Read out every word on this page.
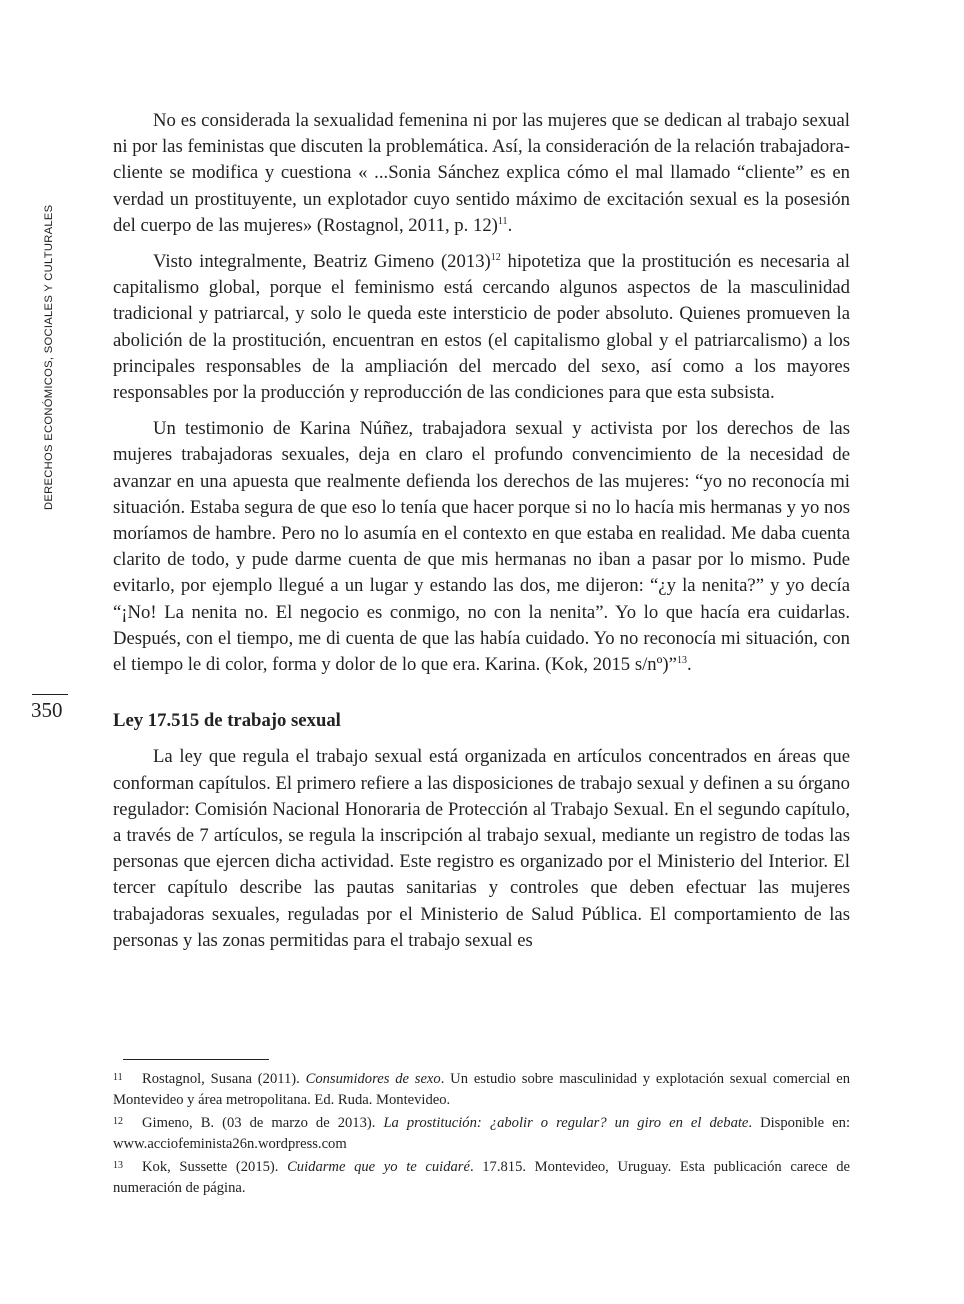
DERECHOS ECONÓMICOS, SOCIALES Y CULTURALES
350

No es considerada la sexualidad femenina ni por las mujeres que se dedican al trabajo sexual ni por las feministas que discuten la problemática. Así, la consideración de la relación trabajadora-cliente se modifica y cuestiona « ...Sonia Sánchez explica cómo el mal llamado “cliente” es en verdad un prostituyente, un explotador cuyo sentido máximo de excitación sexual es la posesión del cuerpo de las mujeres» (Rostagnol, 2011, p. 12)$^{11}$.

Visto integralmente, Beatriz Gimeno $(2013)^{12}$ hipotetiza que la prostitución es necesaria al capitalismo global, porque el feminismo está cercando algunos aspectos de la masculinidad tradicional y patriarcal, y solo le queda este intersticio de poder absoluto. Quienes promueven la abolición de la prostitución, encuentran en estos (el capitalismo global y el patriarcalismo) a los principales responsables de la ampliación del mercado del sexo, así como a los mayores responsables por la producción y reproducción de las condiciones para que esta subsista.

Un testimonio de Karina Núñez, trabajadora sexual y activista por los derechos de las mujeres trabajadoras sexuales, deja en claro el profundo convencimiento de la necesidad de avanzar en una apuesta que realmente defienda los derechos de las mujeres: “yo no reconocía mi situación. Estaba segura de que eso lo tenía que hacer porque si no lo hacía mis hermanas y yo nos moríamos de hambre. Pero no lo asumía en el contexto en que estaba en realidad. Me daba cuenta clarito de todo, y pude darme cuenta de que mis hermanas no iban a pasar por lo mismo. Pude evitarlo, por ejemplo llegué a un lugar y estando las dos, me dijeron: “¿y la nenita?” y yo decía “¡No! La nenita no. El negocio es conmigo, no con la nenita”. Yo lo que hacía era cuidarlas. Después, con el tiempo, me di cuenta de que las había cuidado. Yo no reconocía mi situación, con el tiempo le di color, forma y dolor de lo que era. Karina. (Kok, 2015 s/nº)”$^{13}$.

Ley 17.515 de trabajo sexual

La ley que regula el trabajo sexual está organizada en artículos concentrados en áreas que conforman capítulos. El primero refiere a las disposiciones de trabajo sexual y definen a su órgano regulador: Comisión Nacional Honoraria de Protección al Trabajo Sexual. En el segundo capítulo, a través de 7 artículos, se regula la inscripción al trabajo sexual, mediante un registro de todas las personas que ejercen dicha actividad. Este registro es organizado por el Ministerio del Interior. El tercer capítulo describe las pautas sanitarias y controles que deben efectuar las mujeres trabajadoras sexuales, reguladas por el Ministerio de Salud Pública. El comportamiento de las personas y las zonas permitidas para el trabajo sexual es

11 Rostagnol, Susana (2011). Consumidores de sexo. Un estudio sobre masculinidad y explotación sexual comercial en Montevideo y área metropolitana. Ed. Ruda. Montevideo.

12 Gimeno, B. (03 de marzo de 2013). La prostitución: ¿abolir o regular? un giro en el debate. Disponible en: www.acciofeminista26n.wordpress.com

13 Kok, Sussette (2015). Cuidarme que yo te cuidaré. 17.815. Montevideo, Uruguay. Esta publicación carece de numeración de página.
